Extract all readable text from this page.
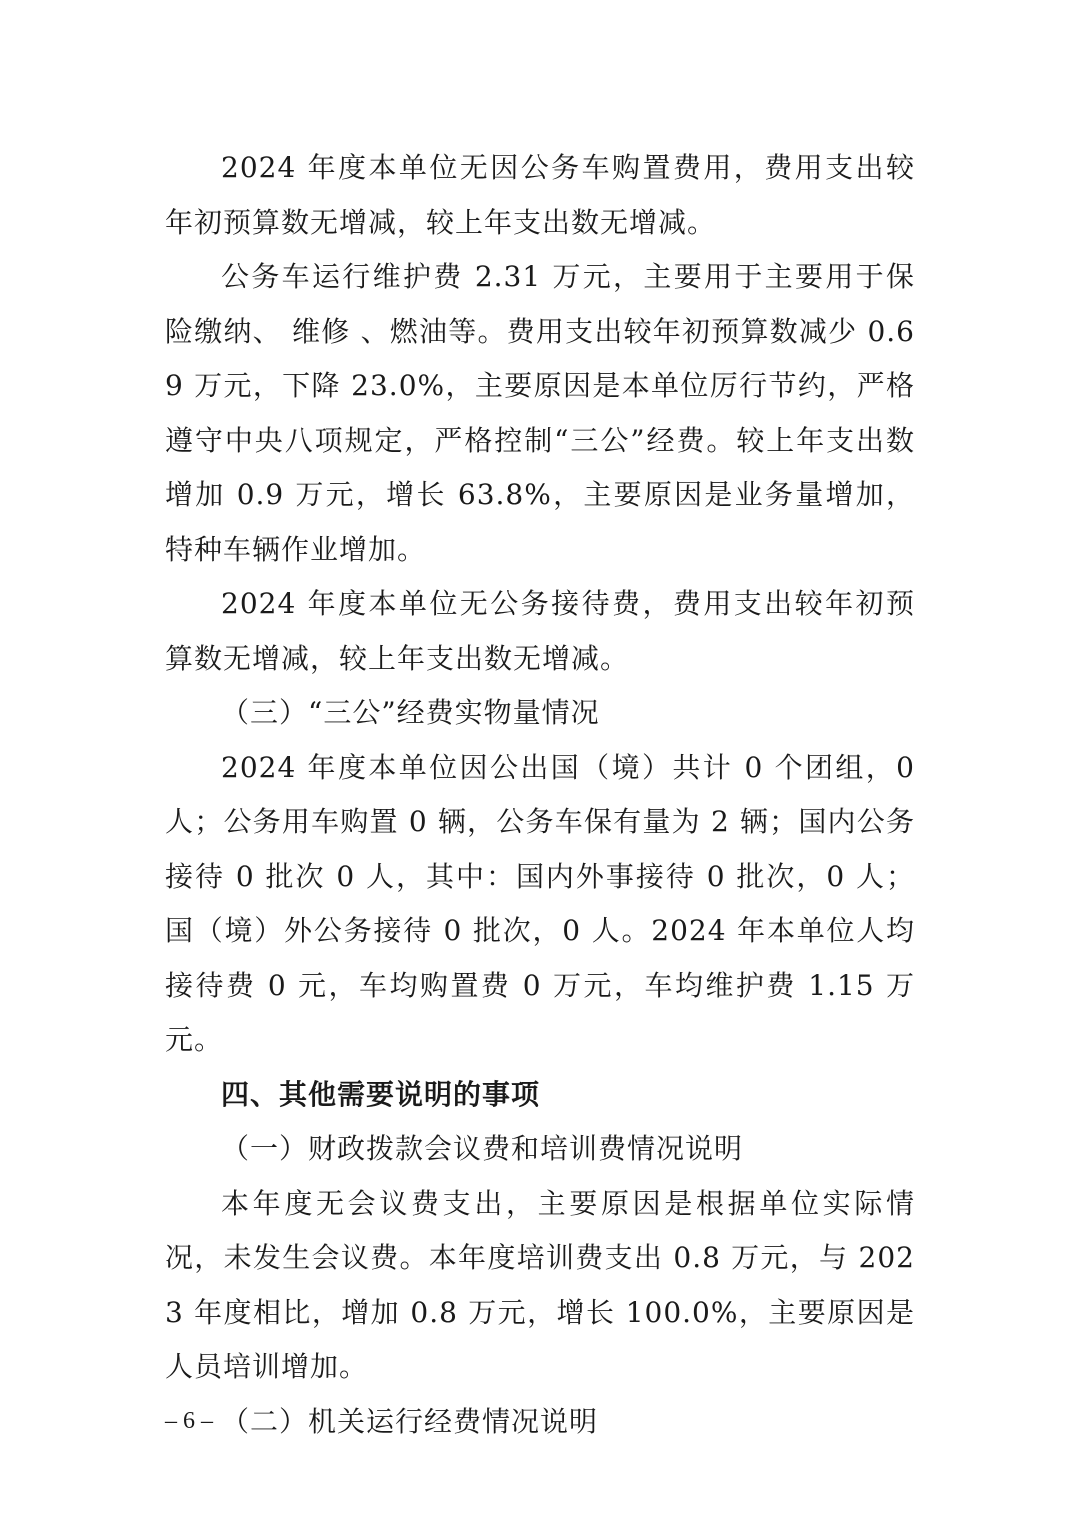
2024 年度本单位无因公务车购置费用，费用支出较年初预算数无增减，较上年支出数无增减。

公务车运行维护费 2.31 万元，主要用于主要用于保险缴纳、 维修 、燃油等。费用支出较年初预算数减少 0.69 万元，下降 23.0%，主要原因是本单位厉行节约，严格遵守中央八项规定，严格控制“三公”经费。较上年支出数增加 0.9 万元，增长 63.8%，主要原因是业务量增加，特种车辆作业增加。

2024 年度本单位无公务接待费，费用支出较年初预算数无增减，较上年支出数无增减。

（三）“三公”经费实物量情况

2024 年度本单位因公出国（境）共计 0 个团组，0 人；公务用车购置 0 辆，公务车保有量为 2 辆；国内公务接待 0 批次 0 人，其中：国内外事接待 0 批次，0 人；国（境）外公务接待 0 批次，0 人。2024 年本单位人均接待费 0 元，车均购置费 0 万元，车均维护费 1.15 万元。

四、其他需要说明的事项

（一）财政拨款会议费和培训费情况说明

本年度无会议费支出，主要原因是根据单位实际情况，未发生会议费。本年度培训费支出 0.8 万元，与 2023 年度相比，增加 0.8 万元，增长 100.0%，主要原因是人员培训增加。

（二）机关运行经费情况说明

– 6 –
